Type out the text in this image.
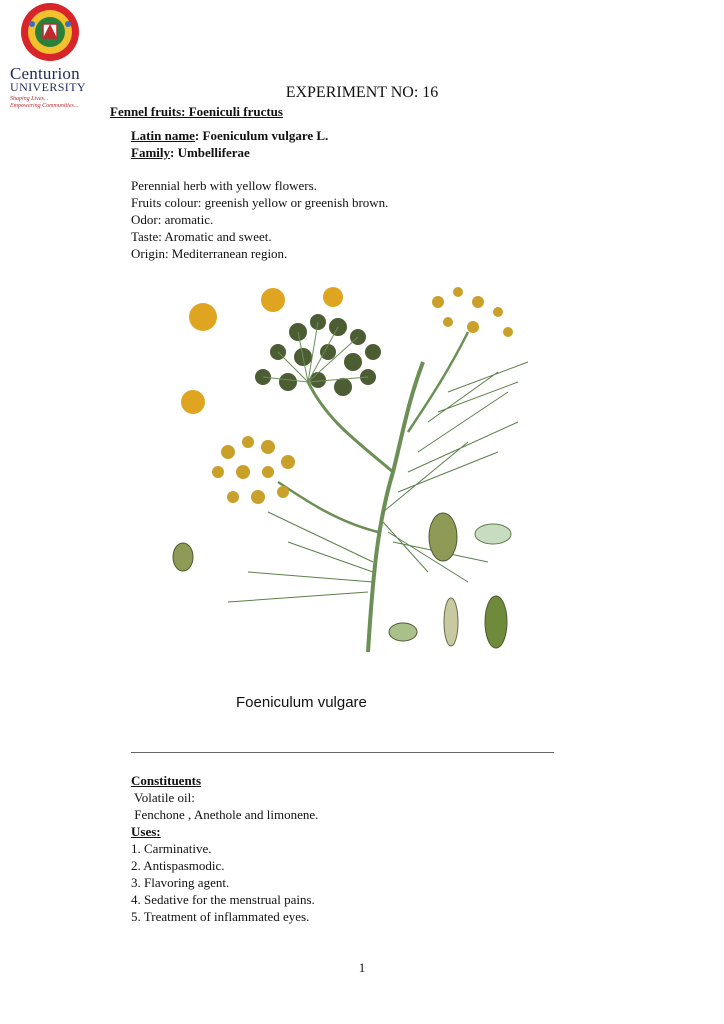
Centurion
UNIVERSITY
Shaping Lives...
Empowering Communities...
EXPERIMENT NO: 16
Fennel fruits: Foeniculi fructus
Latin name: Foeniculum vulgare L.
Family: Umbelliferae
Perennial herb with yellow flowers.
Fruits colour: greenish yellow or greenish brown.
Odor: aromatic.
Taste: Aromatic and sweet.
Origin: Mediterranean region.
Foeniculum vulgare
Constituents
Volatile oil:
Fenchone , Anethole and limonene.
Uses:
1. Carminative.
2. Antispasmodic.
3. Flavoring agent.
4. Sedative for the menstrual pains.
5. Treatment of inflammated eyes.
1
